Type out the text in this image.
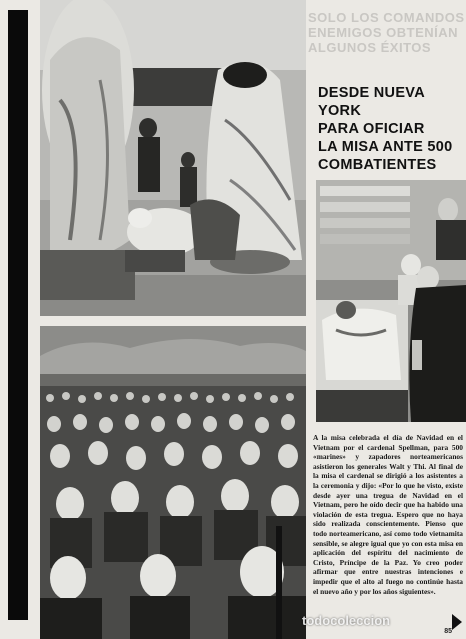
SOLO LOS COMANDOS ENEMIGOS OBTENÍAN ALGUNOS ÉXITOS
DESDE NUEVA YORK
PARA OFICIAR
LA MISA ANTE 500
COMBATIENTES

A la misa celebrada el día de Navidad en el Vietnam por el cardenal Spellman, para 500 «marines» y zapadores norteamericanos asistieron los generales Walt y Thi. Al final de la misa el cardenal se dirigió a los asistentes a la ceremonia y dijo: «Por lo que he visto, existe desde ayer una tregua de Navidad en el Vietnam, pero he oído decir que ha habido una violación de esta tregua. Espero que no haya sido realizada conscientemente. Pienso que todo norteamericano, así como todo vietnamita sensible, se alegre igual que yo con esta misa en aplicación del espíritu del nacimiento de Cristo, Príncipe de la Paz. Yo creo poder afirmar que entre nuestras intenciones e impedir que el alto al fuego no continúe hasta el nuevo año y por los años siguientes».

todocoleccion
85
